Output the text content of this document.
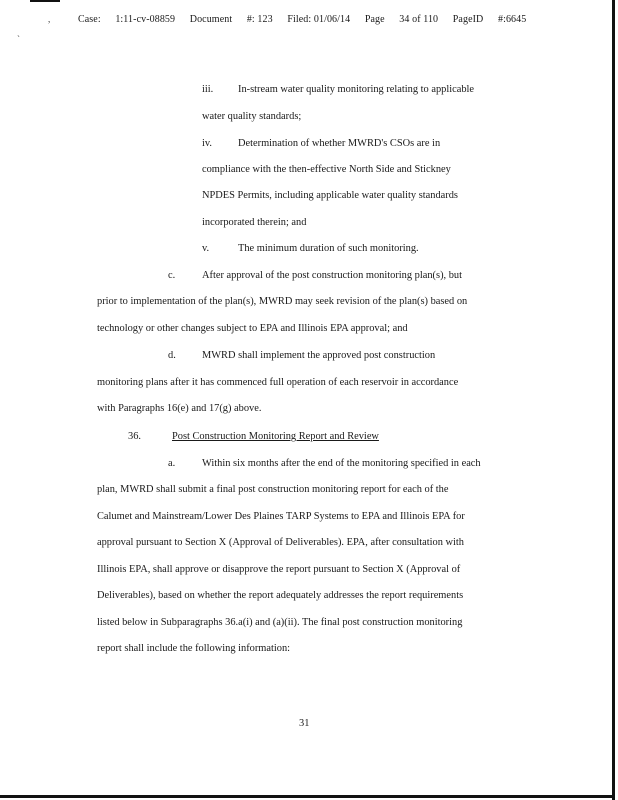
,
`
Case: 1:11-cv-08859 Document #: 123 Filed: 01/06/14 Page 34 of 110 PageID #:6645
iii. In-stream water quality monitoring relating to applicable
water quality standards;
iv. Determination of whether MWRD's CSOs are in
compliance with the then-effective North Side and Stickney
NPDES Permits, including applicable water quality standards
incorporated therein; and
v.	The minimum duration of such monitoring.
c.	After approval of the post construction monitoring plan(s), but
prior to implementation of the plan(s), MWRD may seek revision of the plan(s) based on
technology or other changes subject to EPA and Illinois EPA approval; and
d.	MWRD shall implement the approved post construction
monitoring plans after it has commenced full operation of each reservoir in accordance
with Paragraphs 16(e) and 17(g) above.
36.	Post Construction Monitoring Report and Review
a.	Within six months after the end of the monitoring specified in each
plan, MWRD shall submit a final post construction monitoring report for each of the
Calumet and Mainstream/Lower Des Plaines TARP Systems to EPA and Illinois EPA for
approval pursuant to Section X (Approval of Deliverables). EPA, after consultation with
Illinois EPA, shall approve or disapprove the report pursuant to Section X (Approval of
Deliverables), based on whether the report adequately addresses the report requirements
listed below in Subparagraphs 36.a(i) and (a)(ii). The final post construction monitoring
report shall include the following information:
31
